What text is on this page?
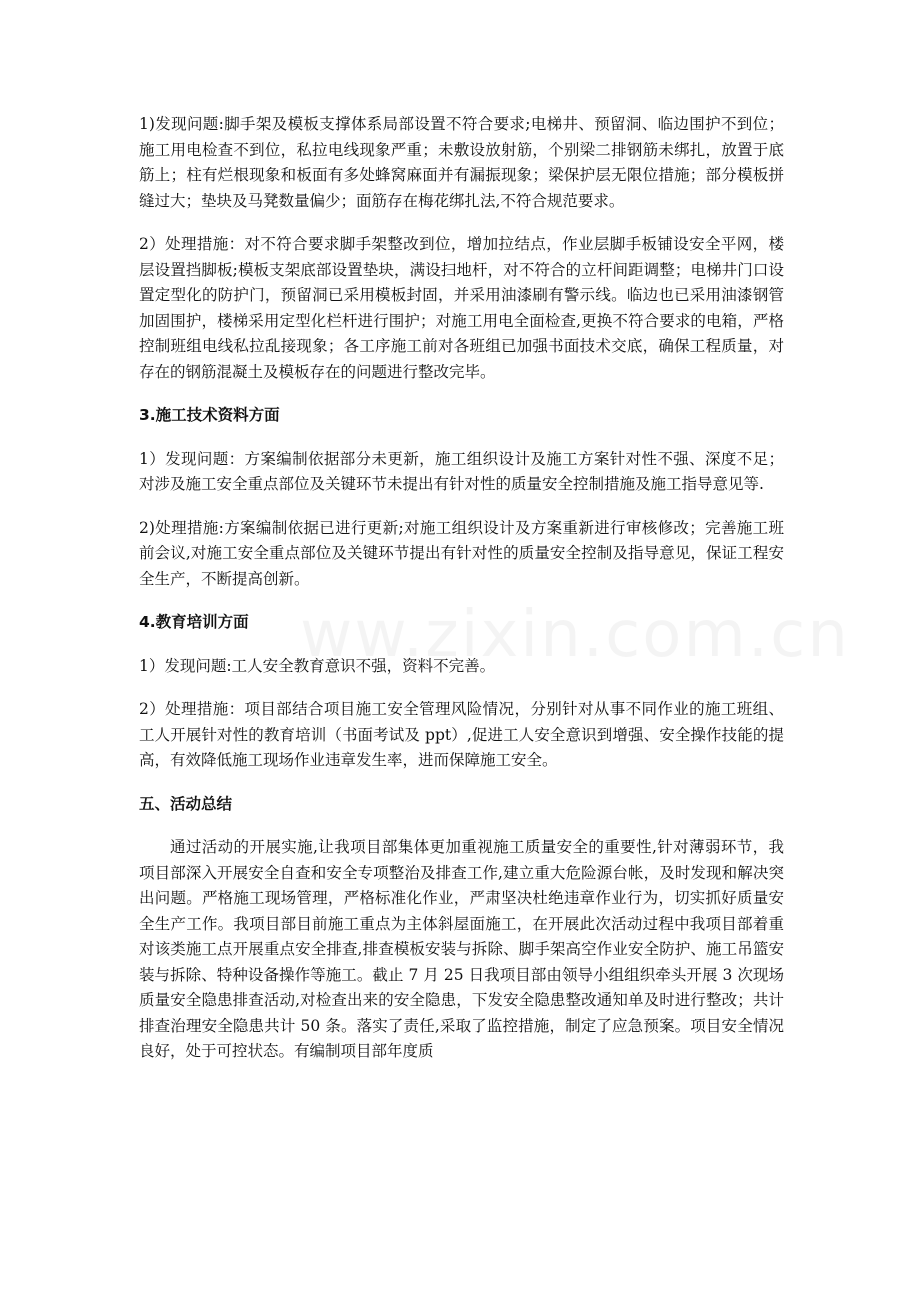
1)发现问题:脚手架及模板支撑体系局部设置不符合要求;电梯井、预留洞、临边围护不到位；施工用电检查不到位，私拉电线现象严重；未敷设放射筋，个别梁二排钢筋未绑扎，放置于底筋上；柱有烂根现象和板面有多处蜂窝麻面并有漏振现象；梁保护层无限位措施；部分模板拼缝过大；垫块及马凳数量偏少；面筋存在梅花绑扎法,不符合规范要求。

2）处理措施：对不符合要求脚手架整改到位，增加拉结点，作业层脚手板铺设安全平网，楼层设置挡脚板;模板支架底部设置垫块，满设扫地杆，对不符合的立杆间距调整；电梯井门口设置定型化的防护门，预留洞已采用模板封固，并采用油漆刷有警示线。临边也已采用油漆钢管加固围护，楼梯采用定型化栏杆进行围护；对施工用电全面检查,更换不符合要求的电箱，严格控制班组电线私拉乱接现象；各工序施工前对各班组已加强书面技术交底，确保工程质量，对存在的钢筋混凝土及模板存在的问题进行整改完毕。

3.施工技术资料方面

1）发现问题：方案编制依据部分未更新，施工组织设计及施工方案针对性不强、深度不足；对涉及施工安全重点部位及关键环节未提出有针对性的质量安全控制措施及施工指导意见等.

2)处理措施:方案编制依据已进行更新;对施工组织设计及方案重新进行审核修改；完善施工班前会议,对施工安全重点部位及关键环节提出有针对性的质量安全控制及指导意见，保证工程安全生产，不断提高创新。

4.教育培训方面

1）发现问题:工人安全教育意识不强，资料不完善。

2）处理措施：项目部结合项目施工安全管理风险情况，分别针对从事不同作业的施工班组、工人开展针对性的教育培训（书面考试及 ppt）,促进工人安全意识到增强、安全操作技能的提高，有效降低施工现场作业违章发生率，进而保障施工安全。

五、活动总结

通过活动的开展实施,让我项目部集体更加重视施工质量安全的重要性,针对薄弱环节，我项目部深入开展安全自查和安全专项整治及排查工作,建立重大危险源台帐，及时发现和解决突出问题。严格施工现场管理，严格标准化作业，严肃坚决杜绝违章作业行为，切实抓好质量安全生产工作。我项目部目前施工重点为主体斜屋面施工，在开展此次活动过程中我项目部着重对该类施工点开展重点安全排查,排查模板安装与拆除、脚手架高空作业安全防护、施工吊篮安装与拆除、特种设备操作等施工。截止 7 月 25 日我项目部由领导小组组织牵头开展 3 次现场质量安全隐患排查活动,对检查出来的安全隐患，下发安全隐患整改通知单及时进行整改；共计排查治理安全隐患共计 50 条。落实了责任,采取了监控措施，制定了应急预案。项目安全情况良好，处于可控状态。有编制项目部年度质
